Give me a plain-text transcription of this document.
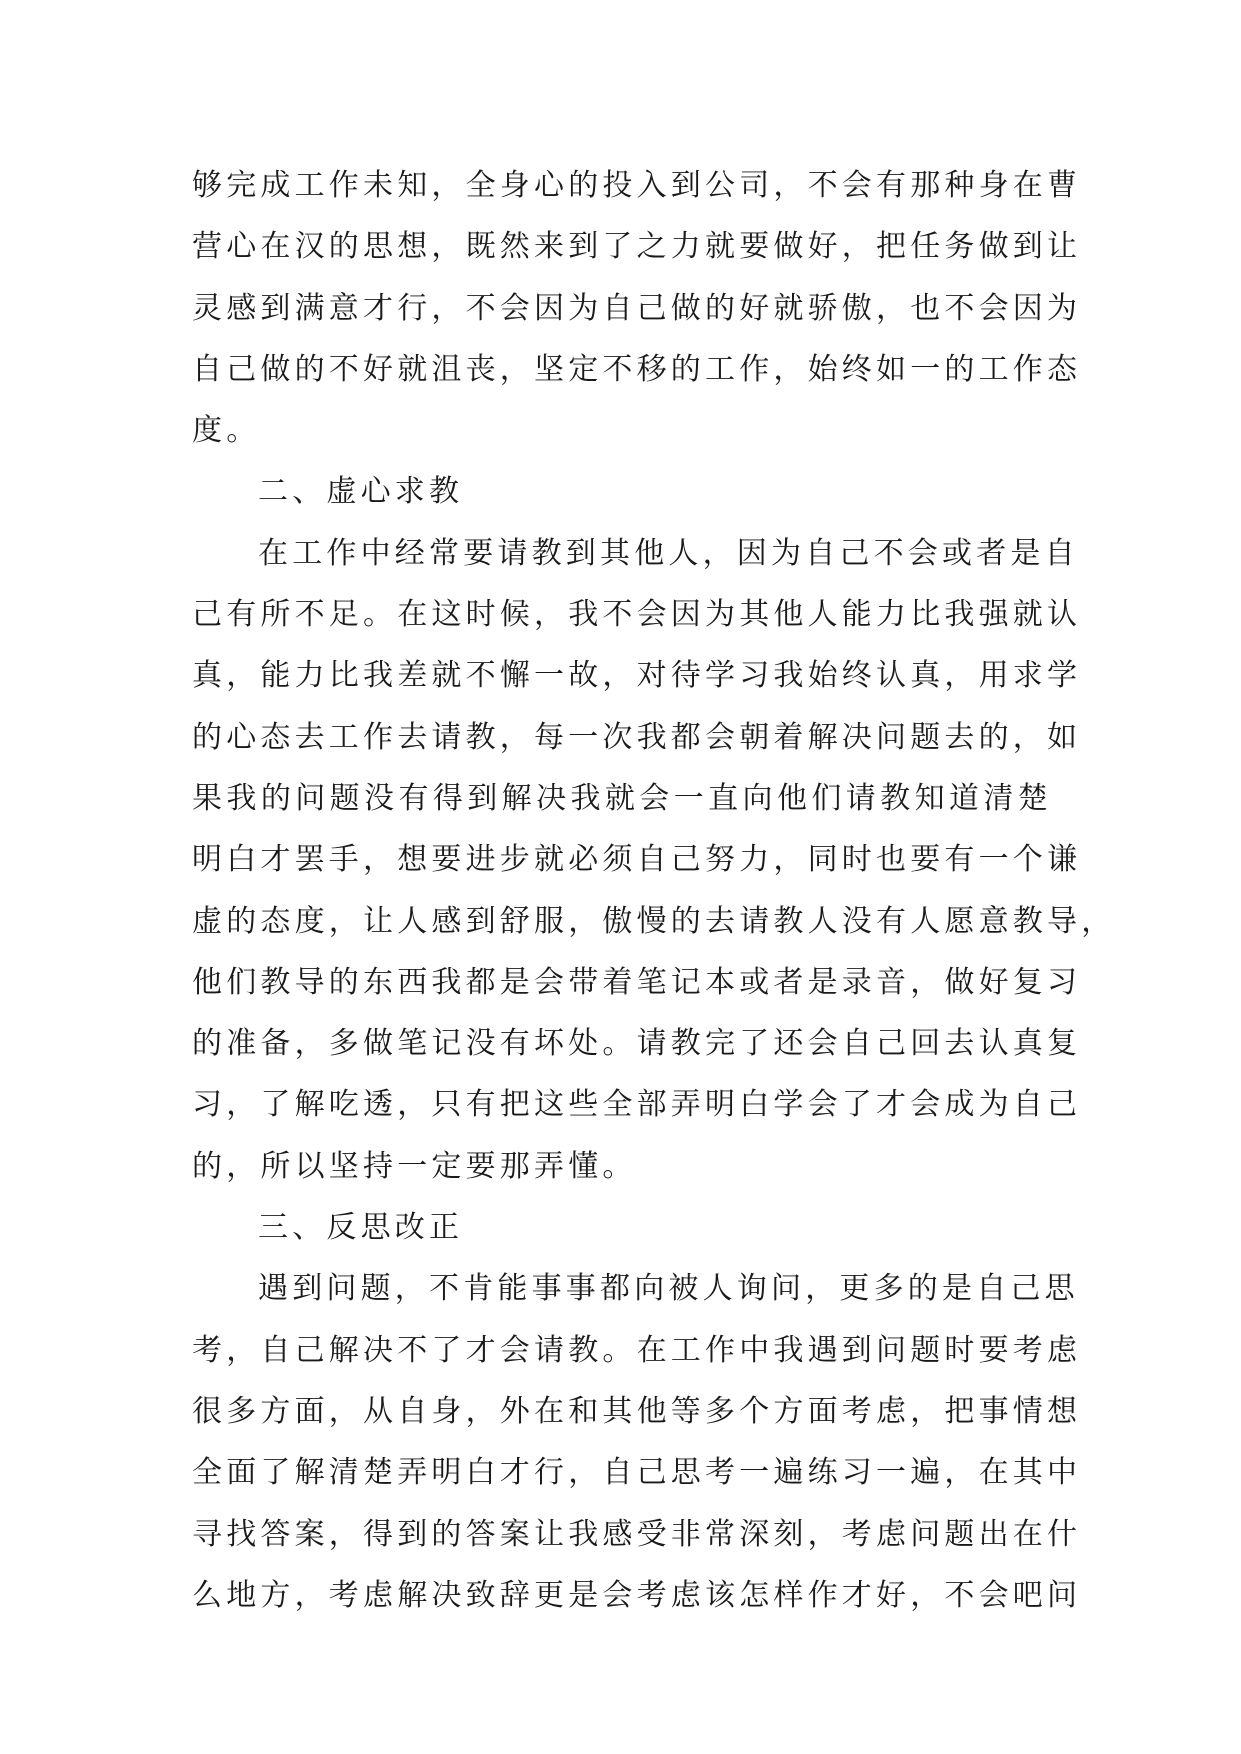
够完成工作未知，全身心的投入到公司，不会有那种身在曹
营心在汉的思想，既然来到了之力就要做好，把任务做到让
灵感到满意才行，不会因为自己做的好就骄傲，也不会因为
自己做的不好就沮丧，坚定不移的工作，始终如一的工作态
度。
二、虚心求教
在工作中经常要请教到其他人，因为自己不会或者是自
己有所不足。在这时候，我不会因为其他人能力比我强就认
真，能力比我差就不懈一故，对待学习我始终认真，用求学
的心态去工作去请教，每一次我都会朝着解决问题去的，如
果我的问题没有得到解决我就会一直向他们请教知道清楚
明白才罢手，想要进步就必须自己努力，同时也要有一个谦
虚的态度，让人感到舒服，傲慢的去请教人没有人愿意教导，
他们教导的东西我都是会带着笔记本或者是录音，做好复习
的准备，多做笔记没有坏处。请教完了还会自己回去认真复
习，了解吃透，只有把这些全部弄明白学会了才会成为自己
的，所以坚持一定要那弄懂。
三、反思改正
遇到问题，不肯能事事都向被人询问，更多的是自己思
考，自己解决不了才会请教。在工作中我遇到问题时要考虑
很多方面，从自身，外在和其他等多个方面考虑，把事情想
全面了解清楚弄明白才行，自己思考一遍练习一遍，在其中
寻找答案，得到的答案让我感受非常深刻，考虑问题出在什
么地方，考虑解决致辞更是会考虑该怎样作才好，不会吧问
